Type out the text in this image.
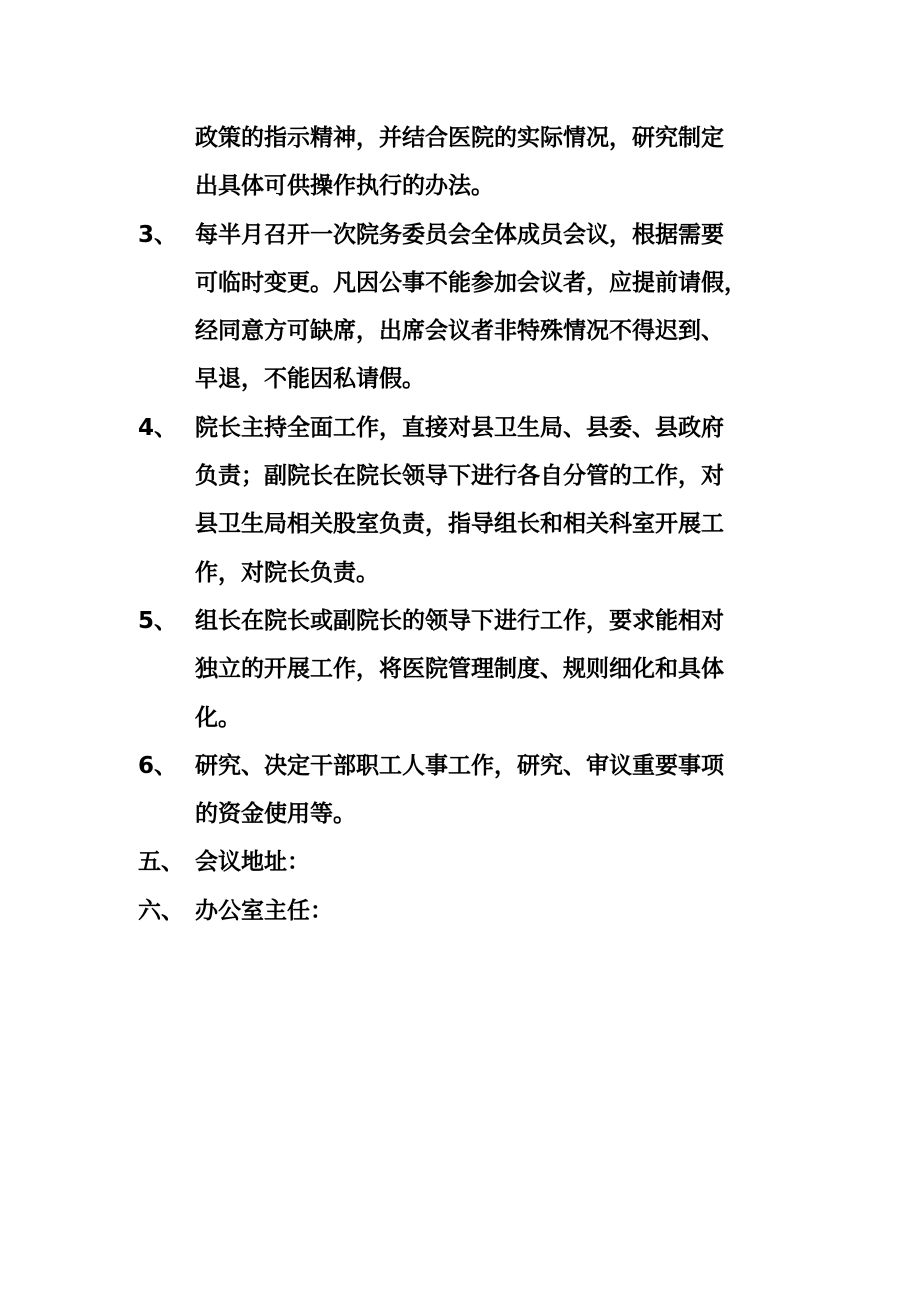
政策的指示精神，并结合医院的实际情况，研究制定
出具体可供操作执行的办法。
3、 每半月召开一次院务委员会全体成员会议，根据需要
可临时变更。凡因公事不能参加会议者，应提前请假，
经同意方可缺席，出席会议者非特殊情况不得迟到、
早退，不能因私请假。
4、 院长主持全面工作，直接对县卫生局、县委、县政府
负责；副院长在院长领导下进行各自分管的工作，对
县卫生局相关股室负责，指导组长和相关科室开展工
作，对院长负责。
5、 组长在院长或副院长的领导下进行工作，要求能相对
独立的开展工作，将医院管理制度、规则细化和具体
化。
6、 研究、决定干部职工人事工作，研究、审议重要事项
的资金使用等。
五、 会议地址：
六、 办公室主任：
